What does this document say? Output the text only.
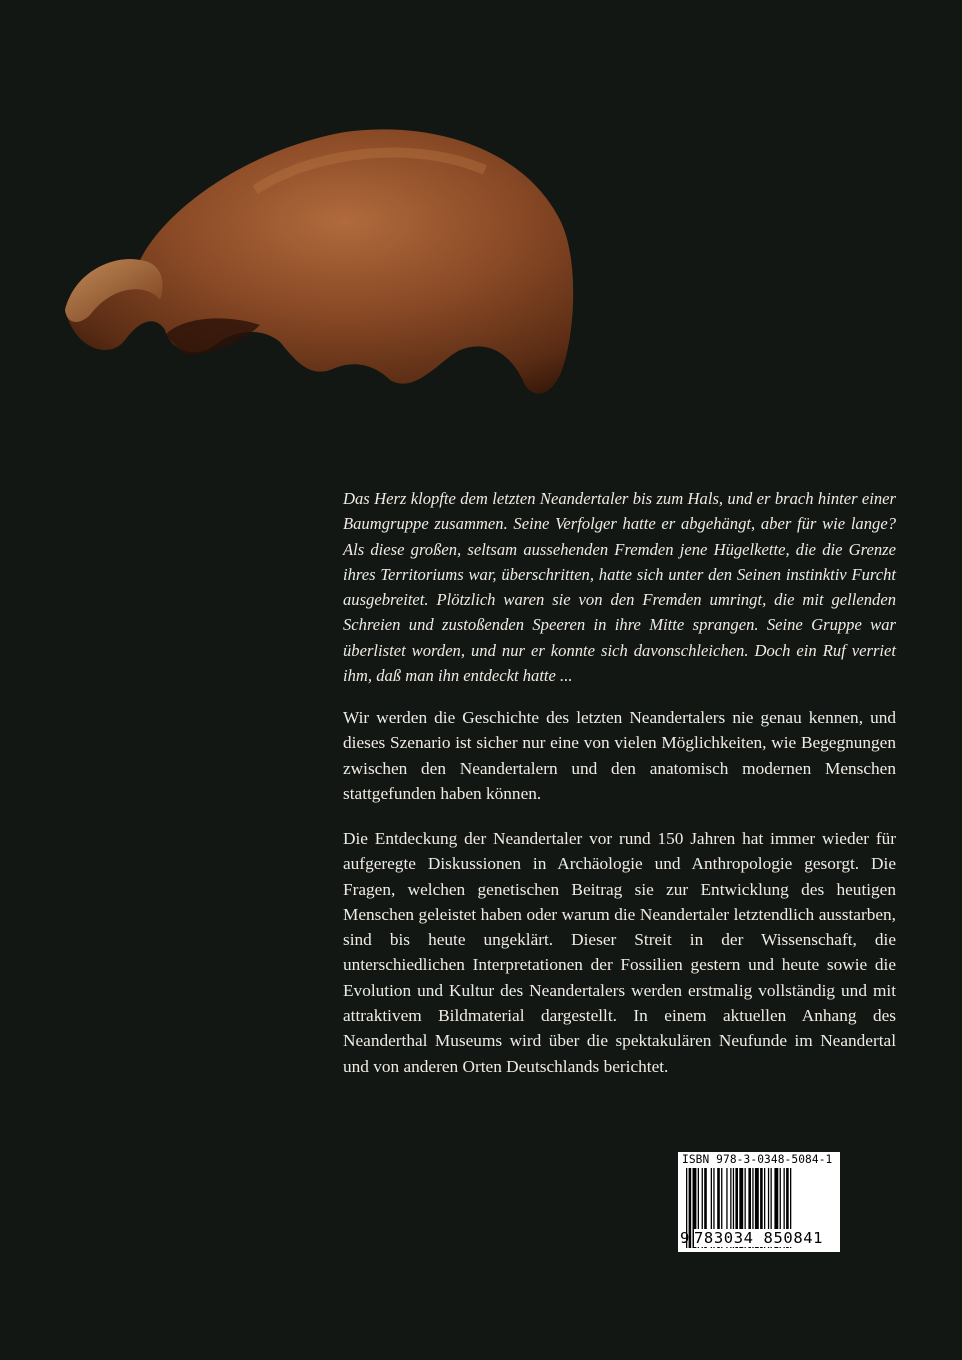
Das Herz klopfte dem letzten Neandertaler bis zum Hals, und er brach hinter einer Baumgruppe zusammen. Seine Verfolger hatte er abgehängt, aber für wie lange? Als diese großen, seltsam aussehenden Fremden jene Hügelkette, die die Grenze ihres Territoriums war, überschritten, hatte sich unter den Seinen instinktiv Furcht ausgebreitet. Plötzlich waren sie von den Fremden umringt, die mit gellenden Schreien und zustoßenden Speeren in ihre Mitte sprangen. Seine Gruppe war überlistet worden, und nur er konnte sich davonschleichen. Doch ein Ruf verriet ihm, daß man ihn entdeckt hatte ...

Wir werden die Geschichte des letzten Neandertalers nie genau kennen, und dieses Szenario ist sicher nur eine von vielen Möglichkeiten, wie Begegnungen zwischen den Neandertalern und den anatomisch modernen Menschen stattgefunden haben können.

Die Entdeckung der Neandertaler vor rund 150 Jahren hat immer wieder für aufgeregte Diskussionen in Archäologie und Anthropologie gesorgt. Die Fragen, welchen genetischen Beitrag sie zur Entwicklung des heutigen Menschen geleistet haben oder warum die Neandertaler letztendlich ausstarben, sind bis heute ungeklärt. Dieser Streit in der Wissenschaft, die unterschiedlichen Interpretationen der Fossilien gestern und heute sowie die Evolution und Kultur des Neandertalers werden erstmalig vollständig und mit attraktivem Bildmaterial dargestellt. In einem aktuellen Anhang des Neanderthal Museums wird über die spektakulären Neufunde im Neandertal und von anderen Orten Deutschlands berichtet.

ISBN 978-3-0348-5084-1
9 783034 850841
